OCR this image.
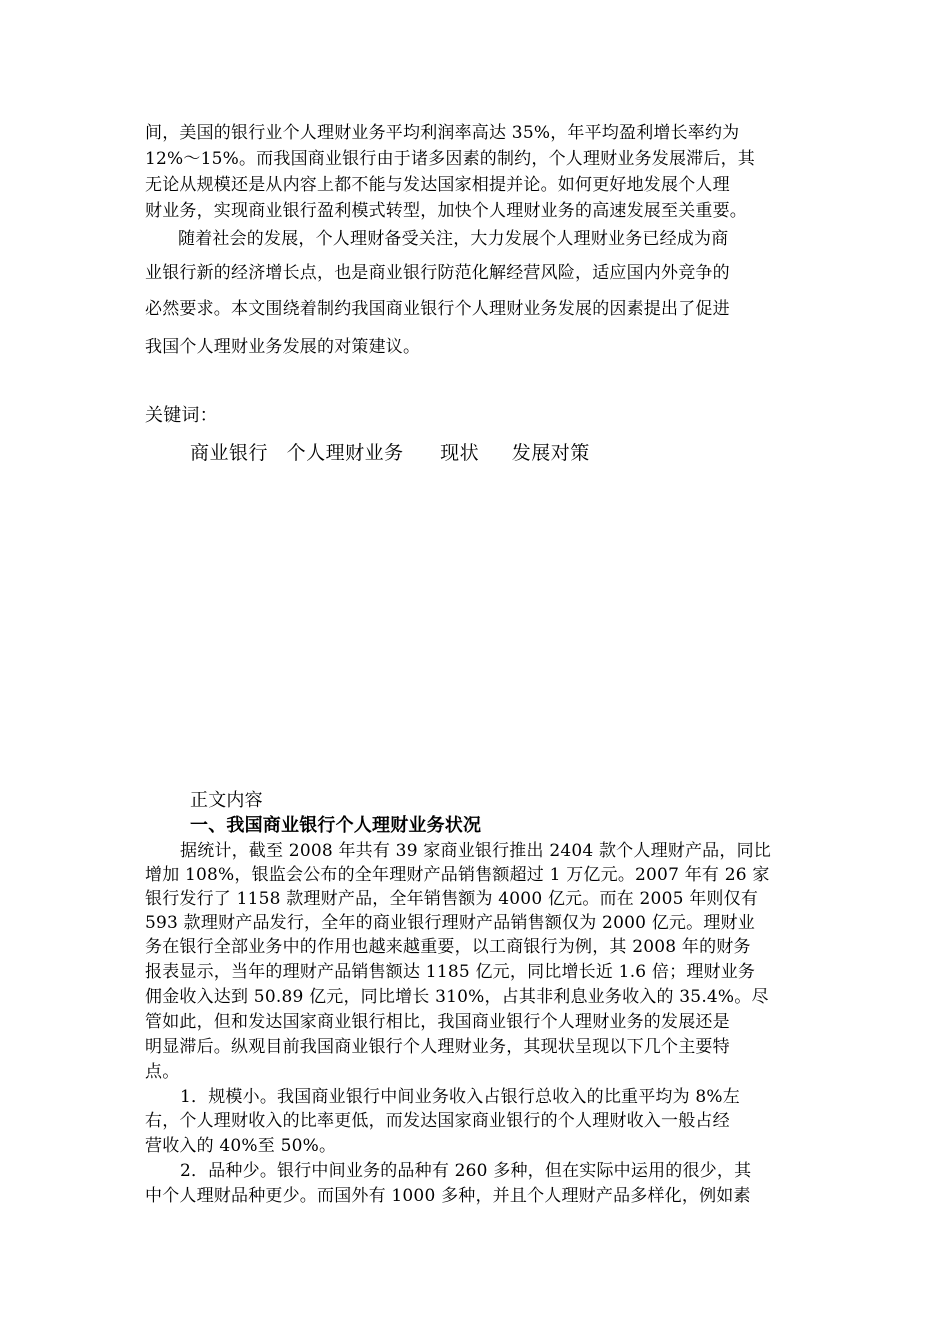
间，美国的银行业个人理财业务平均利润率高达 35%，年平均盈利增长率约为
12%～15%。而我国商业银行由于诸多因素的制约，个人理财业务发展滞后，其
无论从规模还是从内容上都不能与发达国家相提并论。如何更好地发展个人理
财业务，实现商业银行盈利模式转型，加快个人理财业务的高速发展至关重要。
随着社会的发展，个人理财备受关注，大力发展个人理财业务已经成为商
业银行新的经济增长点，也是商业银行防范化解经营风险，适应国内外竞争的
必然要求。本文围绕着制约我国商业银行个人理财业务发展的因素提出了促进
我国个人理财业务发展的对策建议。
关键词：
商业银行 个人理财业务 现状 发展对策
正文内容
一、我国商业银行个人理财业务状况
据统计，截至 2008 年共有 39 家商业银行推出 2404 款个人理财产品，同比
增加 108%，银监会公布的全年理财产品销售额超过 1 万亿元。2007 年有 26 家
银行发行了 1158 款理财产品，全年销售额为 4000 亿元。而在 2005 年则仅有
593 款理财产品发行，全年的商业银行理财产品销售额仅为 2000 亿元。理财业
务在银行全部业务中的作用也越来越重要，以工商银行为例，其 2008 年的财务
报表显示，当年的理财产品销售额达 1185 亿元，同比增长近 1.6 倍；理财业务
佣金收入达到 50.89 亿元，同比增长 310%，占其非利息业务收入的 35.4%。尽
管如此，但和发达国家商业银行相比，我国商业银行个人理财业务的发展还是
明显滞后。纵观目前我国商业银行个人理财业务，其现状呈现以下几个主要特
点。
1．规模小。我国商业银行中间业务收入占银行总收入的比重平均为 8%左
右，个人理财收入的比率更低，而发达国家商业银行的个人理财收入一般占经
营收入的 40%至 50%。
2．品种少。银行中间业务的品种有 260 多种，但在实际中运用的很少，其
中个人理财品种更少。而国外有 1000 多种，并且个人理财产品多样化，例如素
